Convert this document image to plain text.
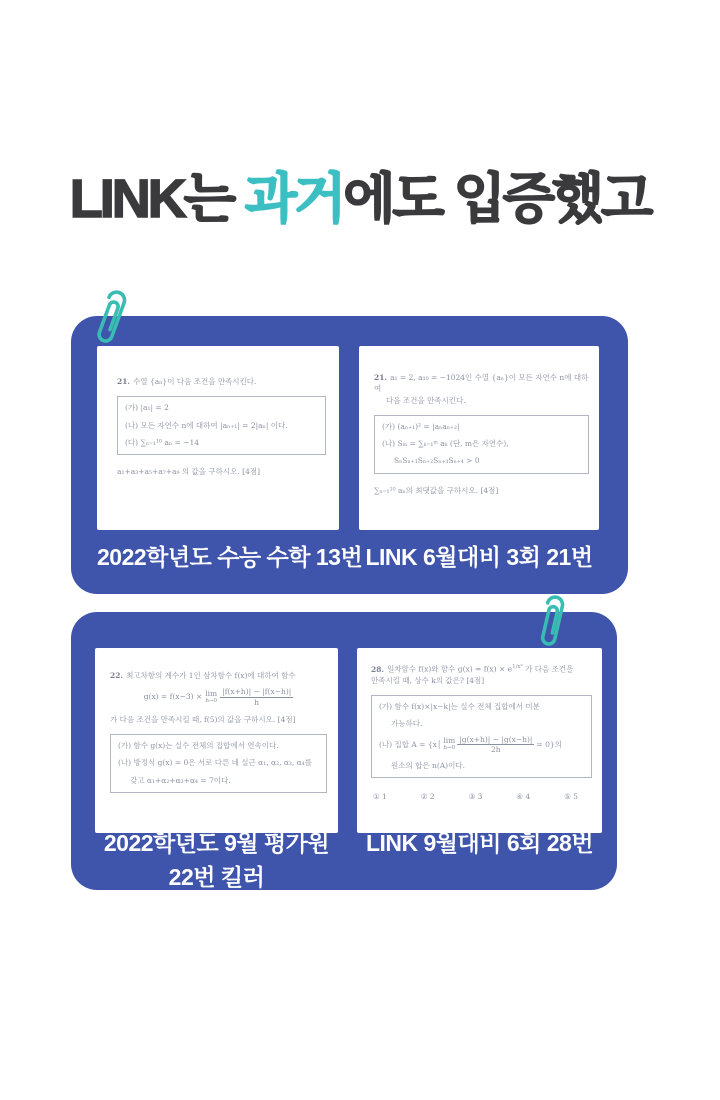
LINK는 과거에도 입증했고
21. 수열 {aₙ}이 다음 조건을 만족시킨다.
(가) |a₁| = 2
(나) 모든 자연수 n에 대하여 |aₙ₊₁| = 2|aₙ| 이다.
(다) ∑ₙ₌₁¹⁰ aₙ = −14
a₁+a₃+a₅+a₇+a₉ 의 값을 구하시오. [4점]
21. a₁ = 2, a₁₀ = −1024인 수열 {aₙ}이 모든 자연수 n에 대하여
다음 조건을 만족시킨다.
(가) (aₙ₊₁)² = |aₙaₙ₊₂|
(나) Sₘ = ∑ₖ₌₁ᵐ aₖ (단, m은 자연수),
SₙSₙ₊₁Sₙ₊₂Sₙ₊₃Sₙ₊₄ > 0
∑ₙ₌₁¹⁰ aₙ의 최댓값을 구하시오. [4점]
2022학년도 수능 수학 13번 LINK 6월대비 3회 21번
22. 최고차항의 계수가 1인 삼차함수 f(x)에 대하여 함수
g(x) = f(x−3) × lim
$h\to 0 \frac{|f(x+h)| - |f(x-h)|}{h}$
가 다음 조건을 만족시킬 때, f(5)의 값을 구하시오. [4점]
(가) 함수 g(x)는 실수 전체의 집합에서 연속이다.
(나) 방정식 g(x) = 0은 서로 다른 네 실근 α₁, α₂, α₃, α₄를
갖고 α₁+α₂+α₃+α₄ = 7이다.
28. 일차함수 f(x)와 함수 $g(x) = f(x) \times e^{1/x^2}$ 가 다음 조건을
만족시킬 때, 상수 k의 값은? [4점]
(가) 함수 f(x)×|x−k|는 실수 전체 집합에서 미분
가능하다.
(나) 집합 A = {x│ lim
$h\to 0 \frac{|g(x+h)| - |g(x-h)|}{2h} = 0$}의
원소의 합은 n(A)이다.
① 1	② 2	③ 3	④ 4	⑤ 5
2022학년도 9월 평가원
22번 킬러
LINK 9월대비 6회 28번
